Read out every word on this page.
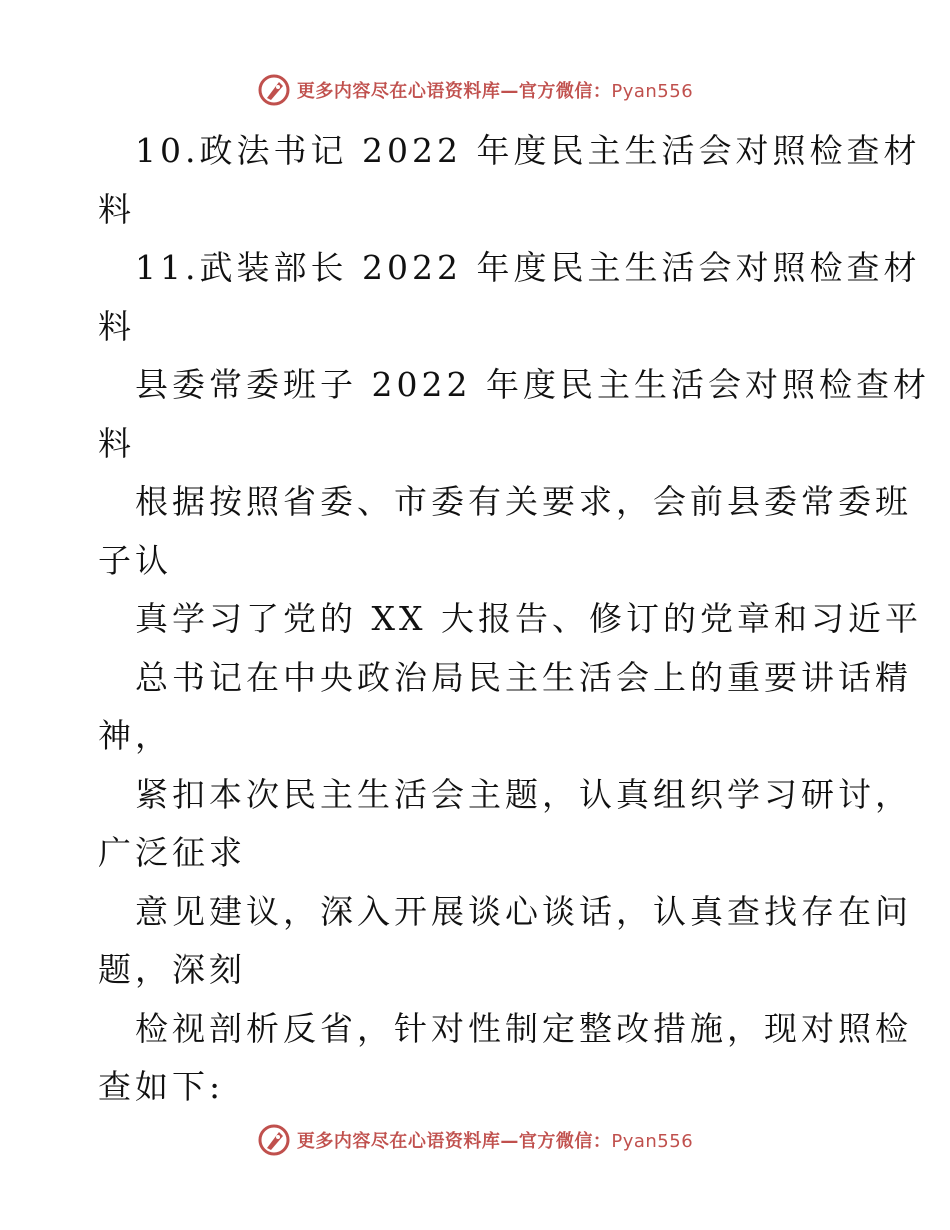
更多内容尽在心语资料库—官方微信：Pyan556
10.政法书记 2022 年度民主生活会对照检查材
料
11.武装部长 2022 年度民主生活会对照检查材
料
县委常委班子 2022 年度民主生活会对照检查材
料
根据按照省委、市委有关要求，会前县委常委班
子认
真学习了党的 XX 大报告、修订的党章和习近平
总书记在中央政治局民主生活会上的重要讲话精
神，
紧扣本次民主生活会主题，认真组织学习研讨，
广泛征求
意见建议，深入开展谈心谈话，认真查找存在问
题，深刻
检视剖析反省，针对性制定整改措施，现对照检
查如下:
更多内容尽在心语资料库—官方微信：Pyan556
